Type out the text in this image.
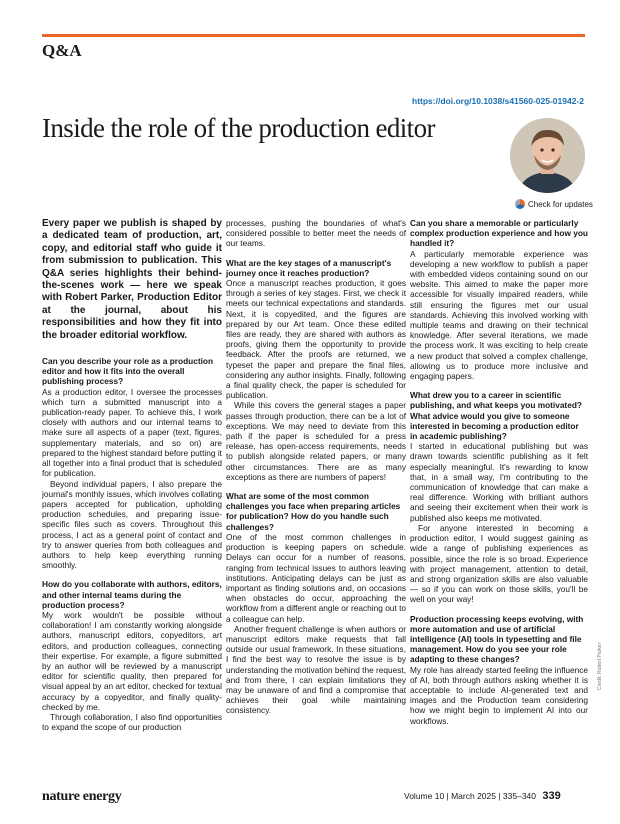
Q&A
https://doi.org/10.1038/s41560-025-01942-2
Inside the role of the production editor
Check for updates

Every paper we publish is shaped by a dedicated team of production, art, copy, and editorial staff who guide it from submission to publication. This Q&A series highlights their behind-the-scenes work — here we speak with Robert Parker, Production Editor at the journal, about his responsibilities and how they fit into the broader editorial workflow.

Can you describe your role as a production editor and how it fits into the overall publishing process?

As a production editor, I oversee the processes which turn a submitted manuscript into a publication-ready paper. To achieve this, I work closely with authors and our internal teams to make sure all aspects of a paper (text, figures, supplementary materials, and so on) are prepared to the highest standard before putting it all together into a final product that is scheduled for publication.

Beyond individual papers, I also prepare the journal's monthly issues, which involves collating papers accepted for publication, upholding production schedules, and preparing issue-specific files such as covers. Throughout this process, I act as a general point of contact and try to answer queries from both colleagues and authors to help keep everything running smoothly.

How do you collaborate with authors, editors, and other internal teams during the production process?

My work wouldn't be possible without collaboration! I am constantly working alongside authors, manuscript editors, copyeditors, art editors, and production colleagues, connecting their expertise. For example, a figure submitted by an author will be reviewed by a manuscript editor for scientific quality, then prepared for visual appeal by an art editor, checked for textual accuracy by a copyeditor, and finally quality-checked by me.

Through collaboration, I also find opportunities to expand the scope of our production

processes, pushing the boundaries of what's considered possible to better meet the needs of our teams.

What are the key stages of a manuscript's journey once it reaches production?

Once a manuscript reaches production, it goes through a series of key stages. First, we check it meets our technical expectations and standards. Next, it is copyedited, and the figures are prepared by our Art team. Once these edited files are ready, they are shared with authors as proofs, giving them the opportunity to provide feedback. After the proofs are returned, we typeset the paper and prepare the final files, considering any author insights. Finally, following a final quality check, the paper is scheduled for publication.

While this covers the general stages a paper passes through production, there can be a lot of exceptions. We may need to deviate from this path if the paper is scheduled for a press release, has open-access requirements, needs to publish alongside related papers, or many other circumstances. There are as many exceptions as there are numbers of papers!

What are some of the most common challenges you face when preparing articles for publication? How do you handle such challenges?

One of the most common challenges in production is keeping papers on schedule. Delays can occur for a number of reasons, ranging from technical issues to authors leaving institutions. Anticipating delays can be just as important as finding solutions and, on occasions when obstacles do occur, approaching the workflow from a different angle or reaching out to a colleague can help.

Another frequent challenge is when authors or manuscript editors make requests that fall outside our usual framework. In these situations, I find the best way to resolve the issue is by understanding the motivation behind the request, and from there, I can explain limitations they may be unaware of and find a compromise that achieves their goal while maintaining consistency.

Can you share a memorable or particularly complex production experience and how you handled it?

A particularly memorable experience was developing a new workflow to publish a paper with embedded videos containing sound on our website. This aimed to make the paper more accessible for visually impaired readers, while still ensuring the figures met our usual standards. Achieving this involved working with multiple teams and drawing on their technical knowledge. After several iterations, we made the process work. It was exciting to help create a new product that solved a complex challenge, allowing us to produce more inclusive and engaging papers.

What drew you to a career in scientific publishing, and what keeps you motivated? What advice would you give to someone interested in becoming a production editor in academic publishing?

I started in educational publishing but was drawn towards scientific publishing as it felt especially meaningful. It's rewarding to know that, in a small way, I'm contributing to the communication of knowledge that can make a real difference. Working with brilliant authors and seeing their excitement when their work is published also keeps me motivated.

For anyone interested in becoming a production editor, I would suggest gaining as wide a range of publishing experiences as possible, since the role is so broad. Experience with project management, attention to detail, and strong organization skills are also valuable — so if you can work on those skills, you'll be well on your way!

Production processing keeps evolving, with more automation and use of artificial intelligence (AI) tools in typesetting and file management. How do you see your role adapting to these changes?

My role has already started feeling the influence of AI, both through authors asking whether it is acceptable to include AI-generated text and images and the Production team considering how we might begin to implement AI into our workflows.

Credit: Robert Parker
nature energy	Volume 10 | March 2025 | 335–340 339
